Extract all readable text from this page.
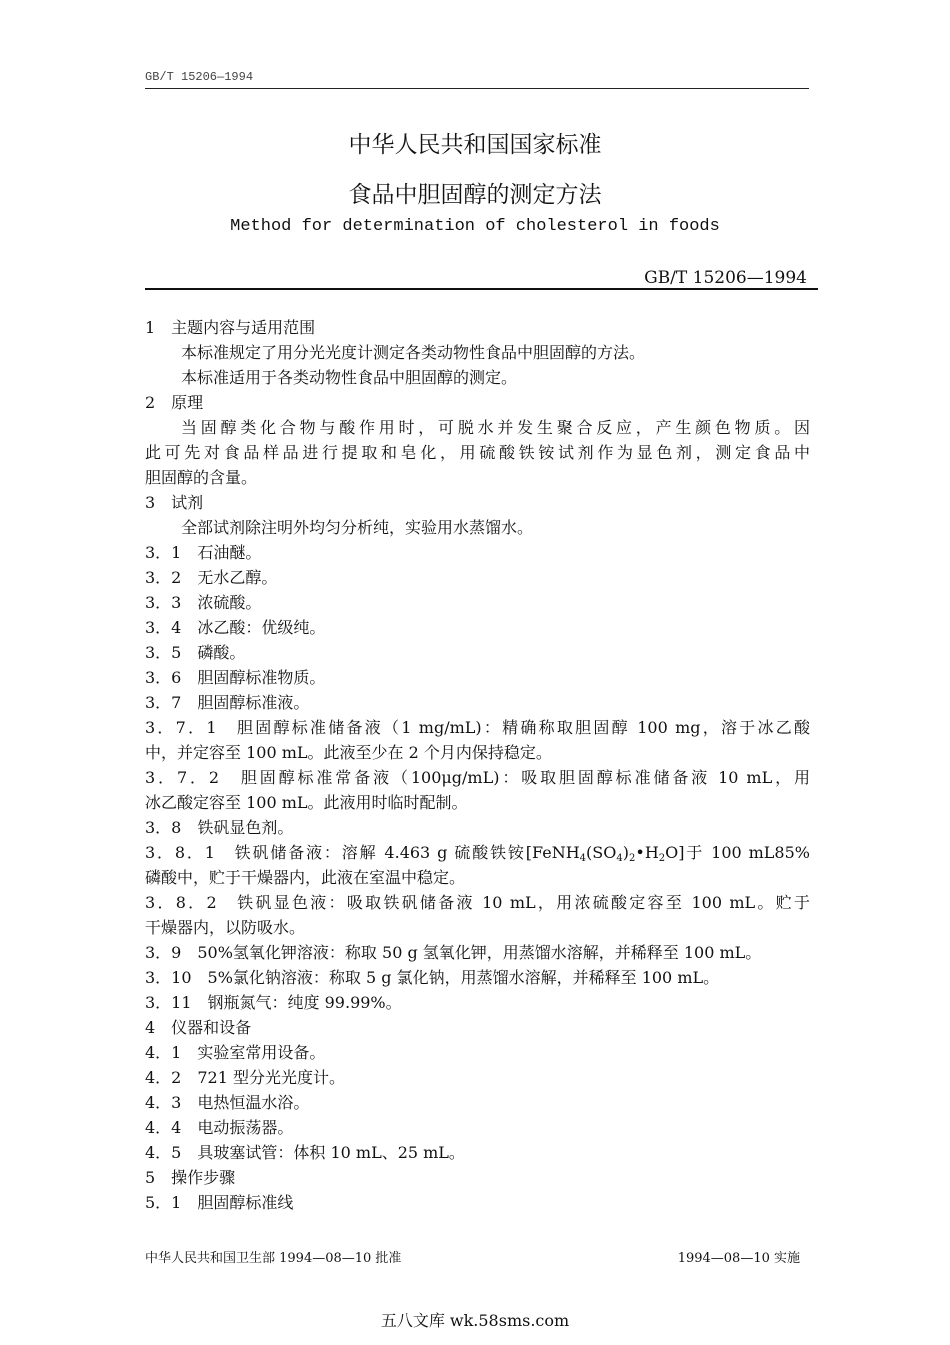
GB/T 15206—1994
中华人民共和国国家标准
食品中胆固醇的测定方法
Method for determination of cholesterol in foods
GB/T 15206—1994
1　主题内容与适用范围
本标准规定了用分光光度计测定各类动物性食品中胆固醇的方法。
本标准适用于各类动物性食品中胆固醇的测定。
2　原理
当固醇类化合物与酸作用时，可脱水并发生聚合反应，产生颜色物质。因
此可先对食品样品进行提取和皂化，用硫酸铁铵试剂作为显色剂，测定食品中
胆固醇的含量。
3　试剂
全部试剂除注明外均匀分析纯，实验用水蒸馏水。
3．1　石油醚。
3．2　无水乙醇。
3．3　浓硫酸。
3．4　冰乙酸：优级纯。
3．5　磷酸。
3．6　胆固醇标准物质。
3．7　胆固醇标准液。
3．7．1　胆固醇标准储备液（1 mg/mL)：精确称取胆固醇 100 mg，溶于冰乙酸
中，并定容至 100 mL。此液至少在 2 个月内保持稳定。
3．7．2　胆固醇标准常备液（100μg/mL)：吸取胆固醇标准储备液 10 mL，用
冰乙酸定容至 100 mL。此液用时临时配制。
3．8　铁矾显色剂。
3．8．1　铁矾储备液：溶解 4.463 g 硫酸铁铵$[FeNH_4(SO_4)_2•H_2O]$于 100 mL85%
磷酸中，贮于干燥器内，此液在室温中稳定。
3．8．2　铁矾显色液：吸取铁矾储备液 10 mL，用浓硫酸定容至 100 mL。贮于
干燥器内，以防吸水。
3．9　50%氢氧化钾溶液：称取 50 g 氢氧化钾，用蒸馏水溶解，并稀释至 100 mL。
3．10　5%氯化钠溶液：称取 5 g 氯化钠，用蒸馏水溶解，并稀释至 100 mL。
3．11　钢瓶氮气：纯度 99.99%。
4　仪器和设备
4．1　实验室常用设备。
4．2　721 型分光光度计。
4．3　电热恒温水浴。
4．4　电动振荡器。
4．5　具玻塞试管：体积 10 mL、25 mL。
5　操作步骤
5．1　胆固醇标准线
中华人民共和国卫生部 1994—08—10 批准	1994—08—10 实施
五八文库 wk.58sms.com
